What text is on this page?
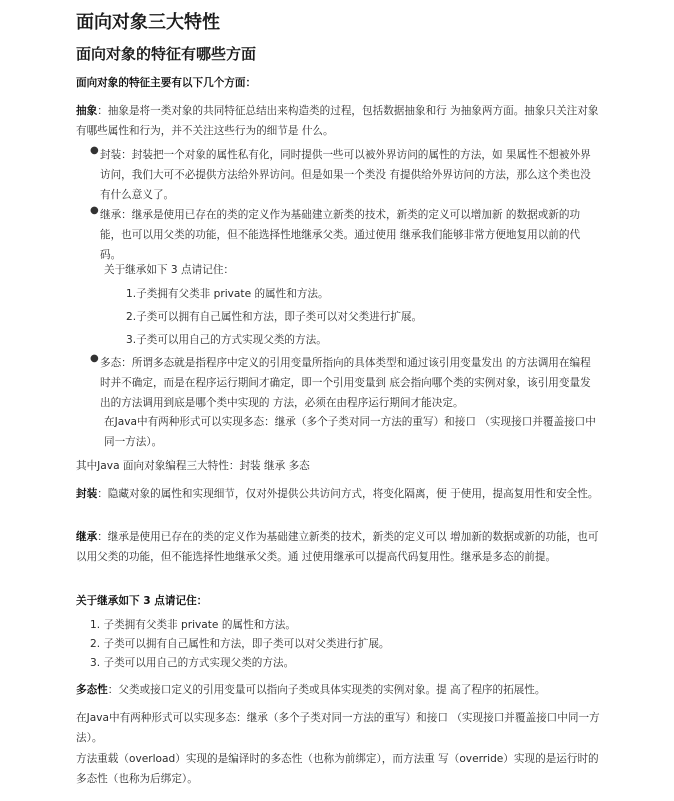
面向对象三大特性
面向对象的特征有哪些方面

面向对象的特征主要有以下几个方面：

抽象：抽象是将一类对象的共同特征总结出来构造类的过程，包括数据抽象和行 为抽象两方面。抽象只关注对象有哪些属性和行为，并不关注这些行为的细节是 什么。

● 封装：封装把一个对象的属性私有化，同时提供一些可以被外界访问的属性的方法，如 果属性不想被外界访问，我们大可不必提供方法给外界访问。但是如果一个类没 有提供给外界访问的方法，那么这个类也没有什么意义了。

● 继承：继承是使用已存在的类的定义作为基础建立新类的技术，新类的定义可以增加新 的数据或新的功能，也可以用父类的功能，但不能选择性地继承父类。通过使用 继承我们能够非常方便地复用以前的代码。

关于继承如下 3 点请记住：
1.子类拥有父类非 private 的属性和方法。
2.子类可以拥有自己属性和方法，即子类可以对父类进行扩展。
3.子类可以用自己的方式实现父类的方法。
● 多态：所谓多态就是指程序中定义的引用变量所指向的具体类型和通过该引用变量发出 的方法调用在编程时并不确定，而是在程序运行期间才确定，即一个引用变量到 底会指向哪个类的实例对象，该引用变量发出的方法调用到底是哪个类中实现的 方法，必须在由程序运行期间才能决定。

在Java中有两种形式可以实现多态：继承（多个子类对同一方法的重写）和接口 （实现接口并覆盖接口中同一方法）。

其中Java 面向对象编程三大特性：封装 继承 多态

封装：隐藏对象的属性和实现细节，仅对外提供公共访问方式，将变化隔离，便 于使用，提高复用性和安全性。

继承：继承是使用已存在的类的定义作为基础建立新类的技术，新类的定义可以 增加新的数据或新的功能，也可以用父类的功能，但不能选择性地继承父类。通 过使用继承可以提高代码复用性。继承是多态的前提。

关于继承如下 3 点请记住：

1. 子类拥有父类非 private 的属性和方法。
2. 子类可以拥有自己属性和方法，即子类可以对父类进行扩展。
3. 子类可以用自己的方式实现父类的方法。

多态性：父类或接口定义的引用变量可以指向子类或具体实现类的实例对象。提 高了程序的拓展性。

在Java中有两种形式可以实现多态：继承（多个子类对同一方法的重写）和接口 （实现接口并覆盖接口中同一方法）。

方法重载（overload）实现的是编译时的多态性（也称为前绑定），而方法重 写（override）实现的是运行时的多态性（也称为后绑定）。	知乎 @CSDN 维持Java中年
CSDN @Java技术那些事儿
